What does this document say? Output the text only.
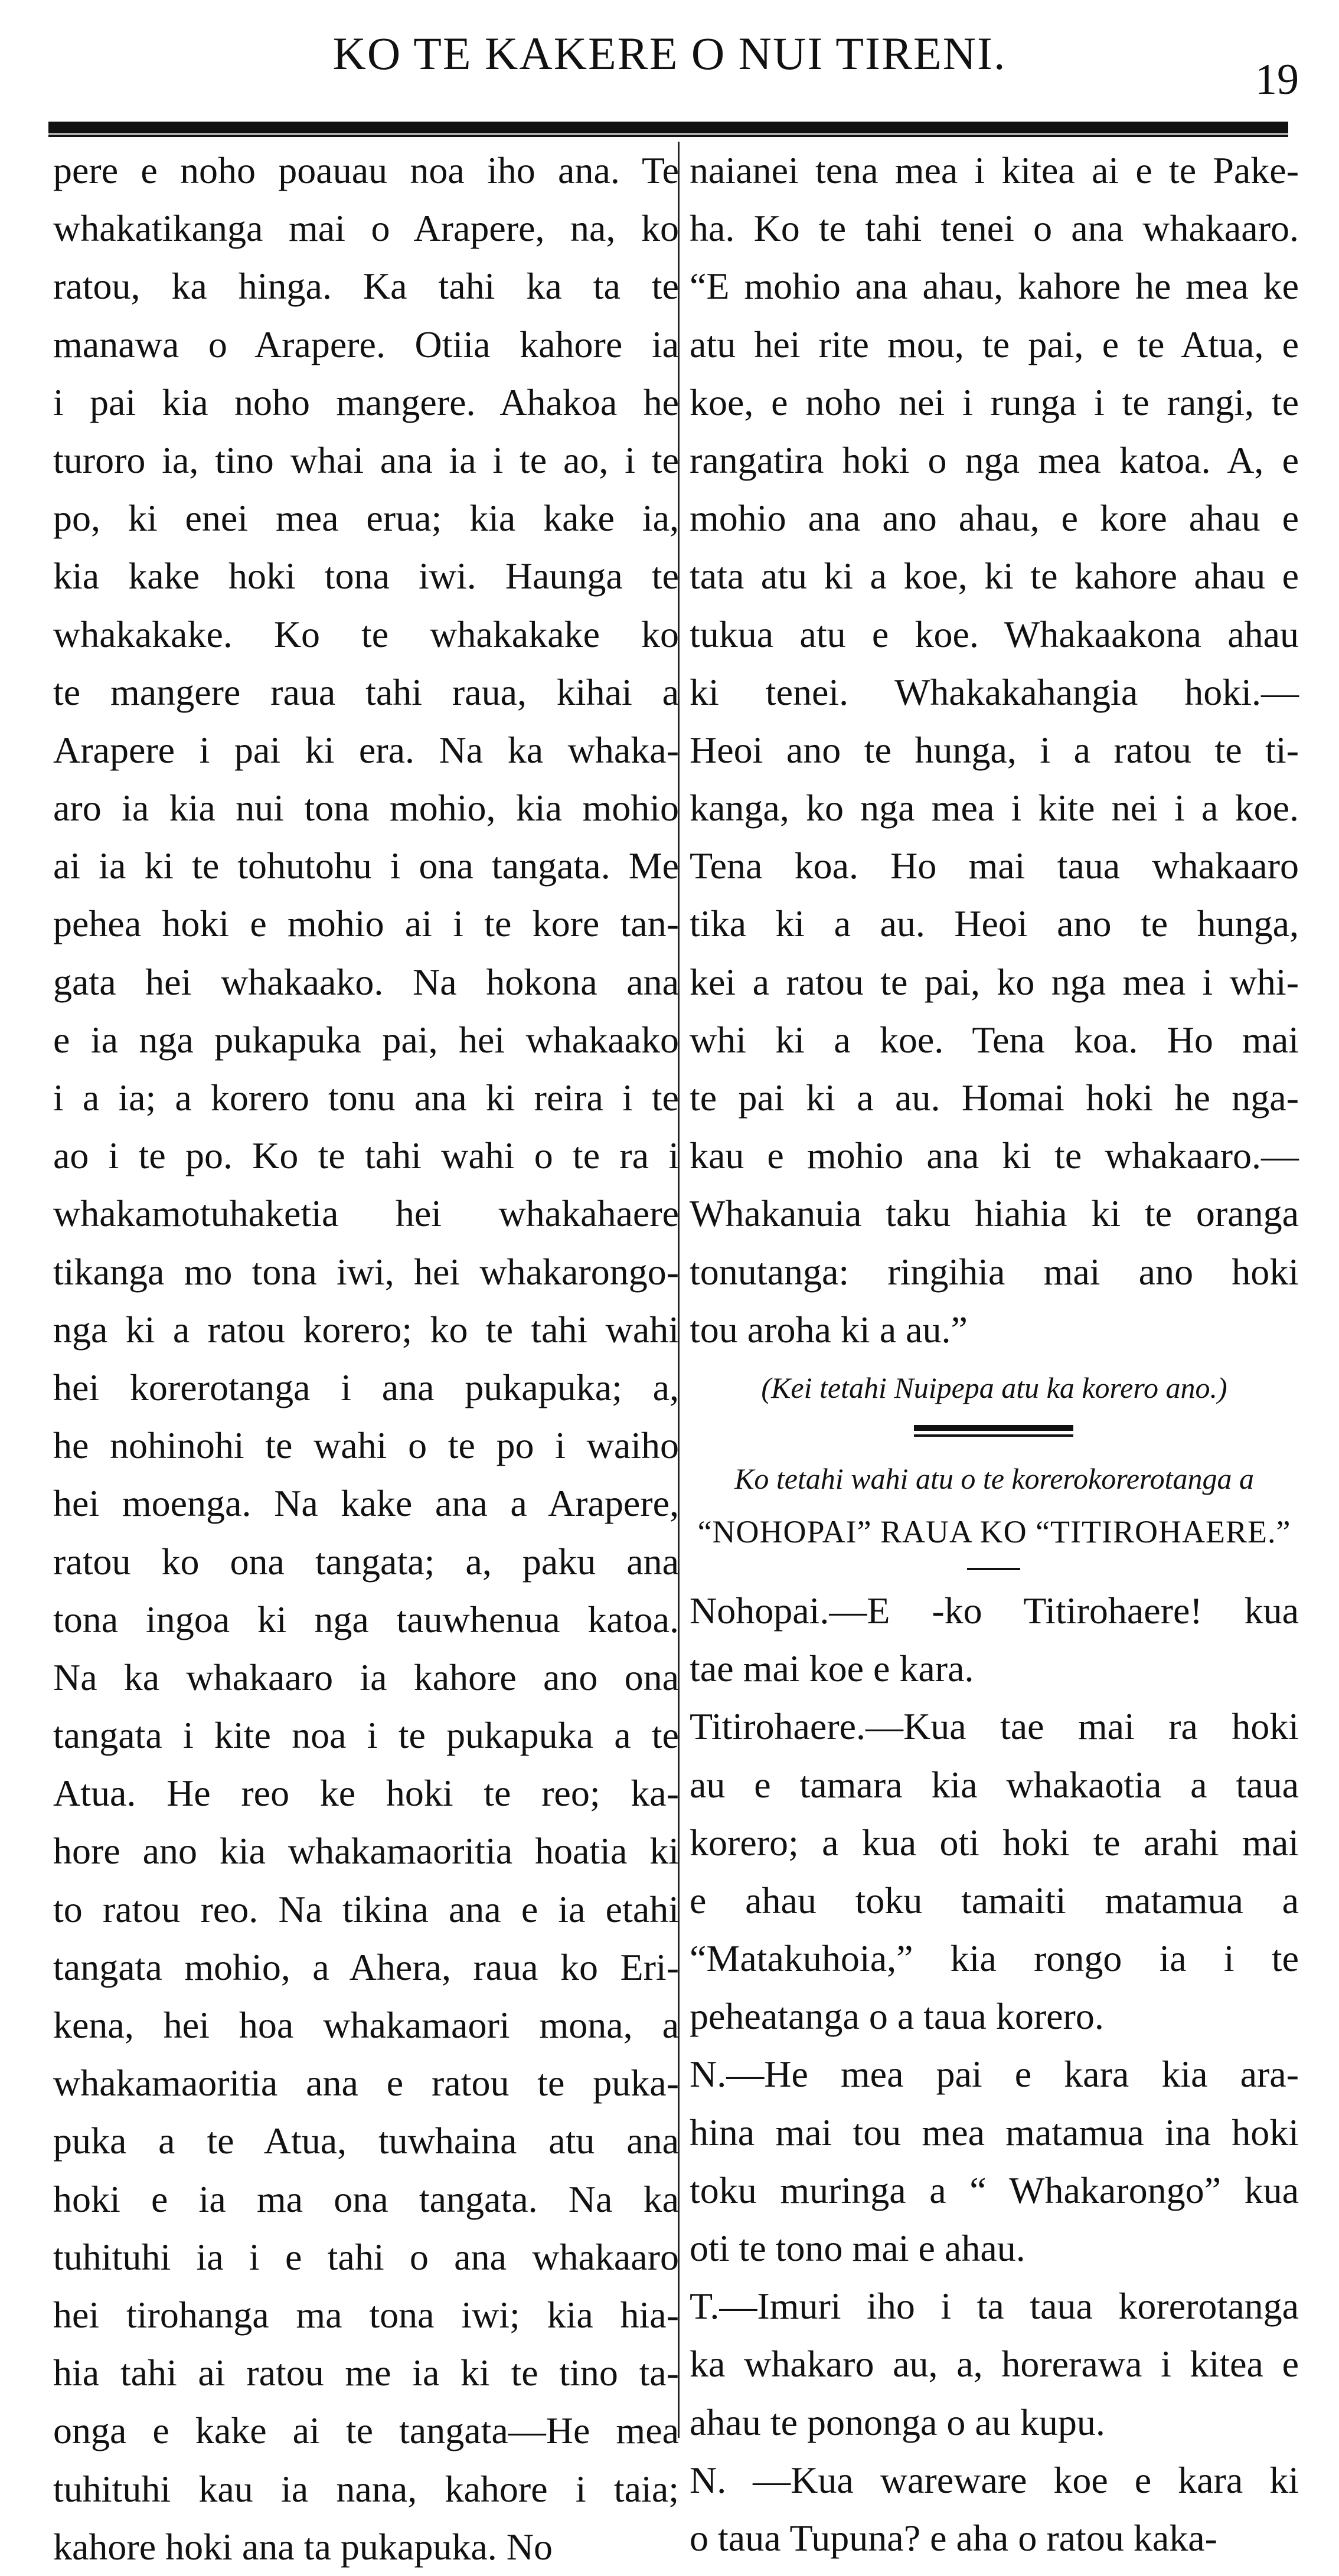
KO TE KAKERE O NUI TIRENI.
19
pere e noho poauau noa iho ana. Te
whakatikanga mai o Arapere, na, ko
ratou, ka hinga. Ka tahi ka ta te
manawa o Arapere. Otiia kahore ia
i pai kia noho mangere. Ahakoa he
turoro ia, tino whai ana ia i te ao, i te
po, ki enei mea erua; kia kake ia,
kia kake hoki tona iwi. Haunga te
whakakake. Ko te whakakake ko
te mangere raua tahi raua, kihai a
Arapere i pai ki era. Na ka whaka-
aro ia kia nui tona mohio, kia mohio
ai ia ki te tohutohu i ona tangata. Me
pehea hoki e mohio ai i te kore tan-
gata hei whakaako. Na hokona ana
e ia nga pukapuka pai, hei whakaako
i a ia; a korero tonu ana ki reira i te
ao i te po. Ko te tahi wahi o te ra i
whakamotuhaketia hei whakahaere
tikanga mo tona iwi, hei whakarongo-
nga ki a ratou korero; ko te tahi wahi
hei korerotanga i ana pukapuka; a,
he nohinohi te wahi o te po i waiho
hei moenga. Na kake ana a Arapere,
ratou ko ona tangata; a, paku ana
tona ingoa ki nga tauwhenua katoa.
Na ka whakaaro ia kahore ano ona
tangata i kite noa i te pukapuka a te
Atua. He reo ke hoki te reo; ka-
hore ano kia whakamaoritia hoatia ki
to ratou reo. Na tikina ana e ia etahi
tangata mohio, a Ahera, raua ko Eri-
kena, hei hoa whakamaori mona, a
whakamaoritia ana e ratou te puka-
puka a te Atua, tuwhaina atu ana
hoki e ia ma ona tangata. Na ka
tuhituhi ia i e tahi o ana whakaaro
hei tirohanga ma tona iwi; kia hia-
hia tahi ai ratou me ia ki te tino ta-
onga e kake ai te tangata—He mea
tuhituhi kau ia nana, kahore i taia;
kahore hoki ana ta pukapuka. No
naianei tena mea i kitea ai e te Pake-
ha. Ko te tahi tenei o ana whakaaro.
“E mohio ana ahau, kahore he mea ke
atu hei rite mou, te pai, e te Atua, e
koe, e noho nei i runga i te rangi, te
rangatira hoki o nga mea katoa. A, e
mohio ana ano ahau, e kore ahau e
tata atu ki a koe, ki te kahore ahau e
tukua atu e koe. Whakaakona ahau
ki tenei. Whakakahangia hoki.—
Heoi ano te hunga, i a ratou te ti-
kanga, ko nga mea i kite nei i a koe.
Tena koa. Ho mai taua whakaaro
tika ki a au. Heoi ano te hunga,
kei a ratou te pai, ko nga mea i whi-
whi ki a koe. Tena koa. Ho mai
te pai ki a au. Homai hoki he nga-
kau e mohio ana ki te whakaaro.—
Whakanuia taku hiahia ki te oranga
tonutanga: ringihia mai ano hoki
tou aroha ki a au.”
(Kei tetahi Nuipepa atu ka korero ano.)
Ko tetahi wahi atu o te korerokorerotanga a
“NOHOPAI” RAUA KO “TITIROHAERE.”
Nohopai.—E -ko Titirohaere! kua
tae mai koe e kara.
Titirohaere.—Kua tae mai ra hoki
au e tamara kia whakaotia a taua
korero; a kua oti hoki te arahi mai
e ahau toku tamaiti matamua a
“Matakuhoia,” kia rongo ia i te
peheatanga o a taua korero.
N.—He mea pai e kara kia ara-
hina mai tou mea matamua ina hoki
toku muringa a “ Whakarongo” kua
oti te tono mai e ahau.
T.—Imuri iho i ta taua korerotanga
ka whakaro au, a, horerawa i kitea e
ahau te pononga o au kupu.
N. —Kua wareware koe e kara ki
o taua Tupuna? e aha o ratou kaka-
